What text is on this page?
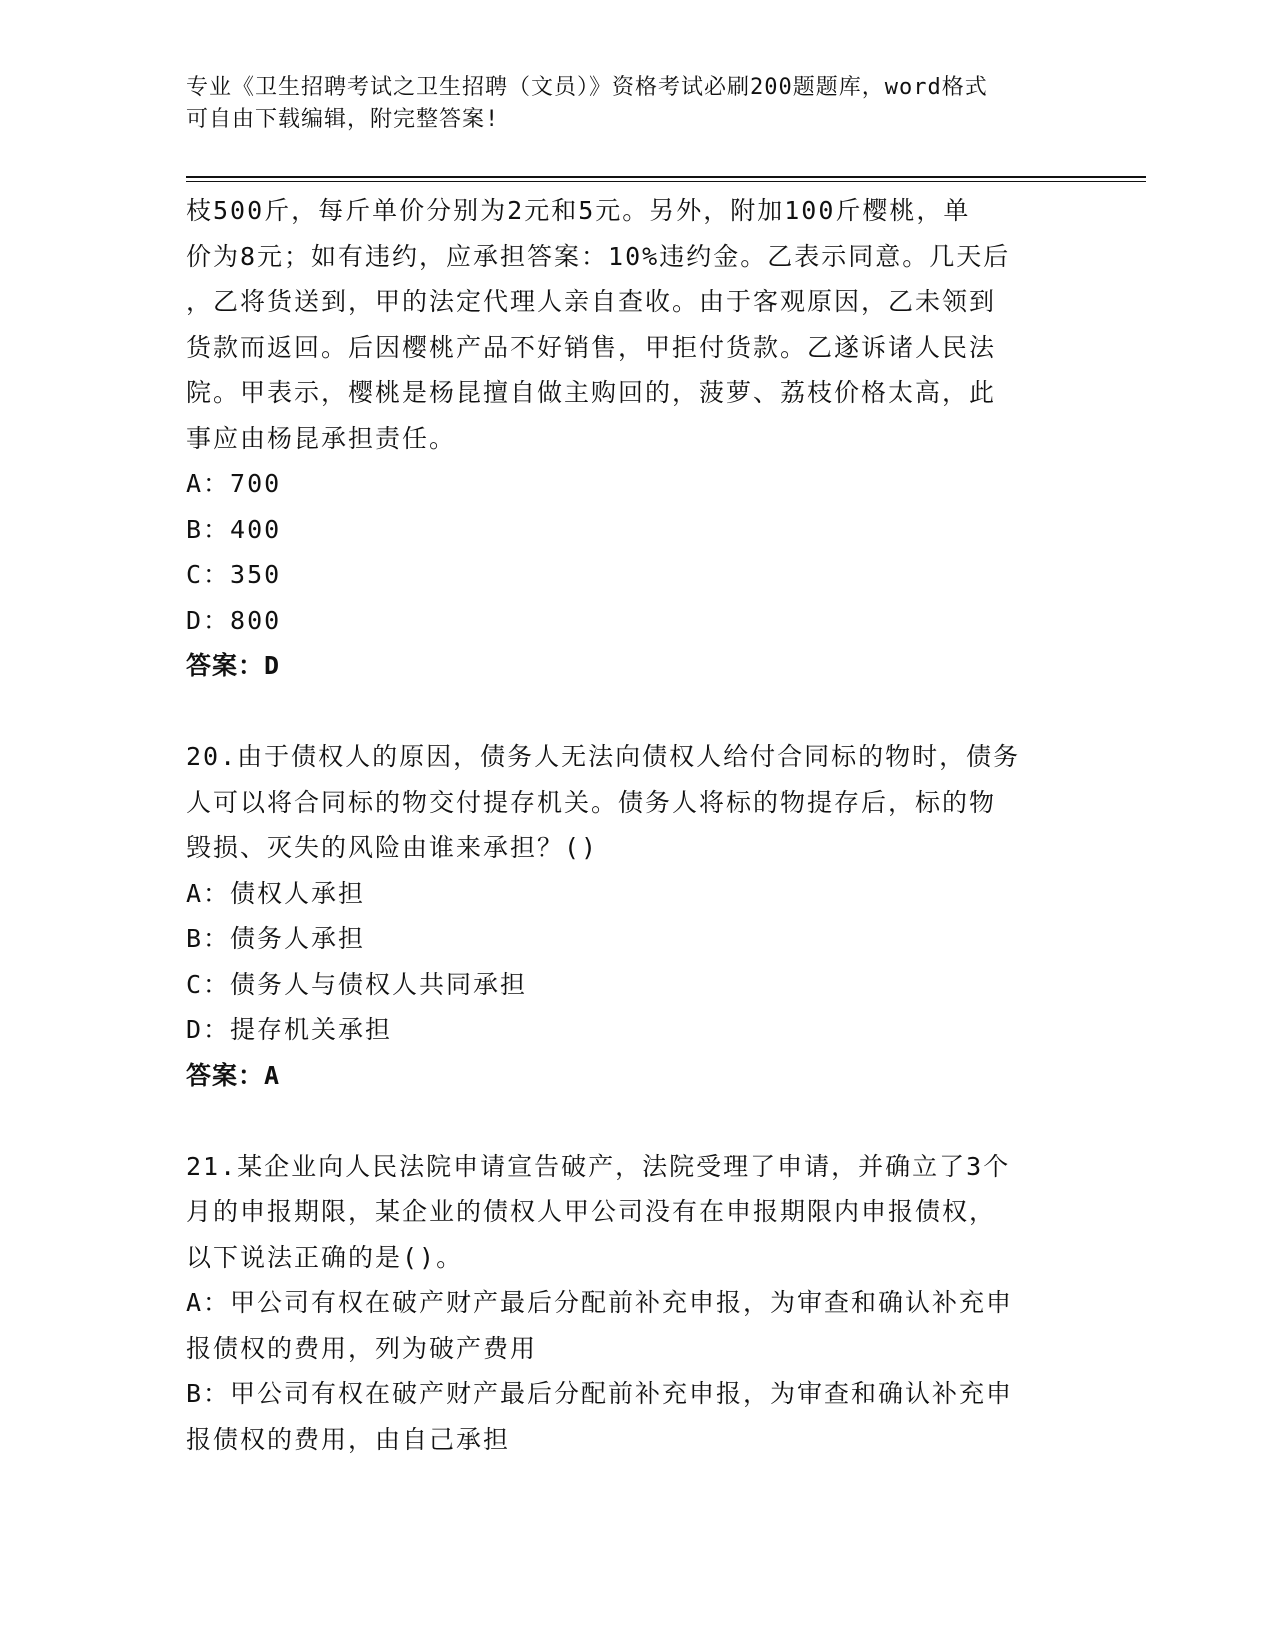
专业《卫生招聘考试之卫生招聘（文员）》资格考试必刷200题题库，word格式
可自由下载编辑，附完整答案!
枝500斤，每斤单价分别为2元和5元。另外，附加100斤樱桃，单
价为8元；如有违约，应承担答案：10%违约金。乙表示同意。几天后
，乙将货送到，甲的法定代理人亲自查收。由于客观原因，乙未领到
货款而返回。后因樱桃产品不好销售，甲拒付货款。乙遂诉诸人民法
院。甲表示，樱桃是杨昆擅自做主购回的，菠萝、荔枝价格太高，此
事应由杨昆承担责任。
A：700
B：400
C：350
D：800
答案：D
20.由于债权人的原因，债务人无法向债权人给付合同标的物时，债务
人可以将合同标的物交付提存机关。债务人将标的物提存后，标的物
毁损、灭失的风险由谁来承担？()
A：债权人承担
B：债务人承担
C：债务人与债权人共同承担
D：提存机关承担
答案：A
21.某企业向人民法院申请宣告破产，法院受理了申请，并确立了3个
月的申报期限，某企业的债权人甲公司没有在申报期限内申报债权，
以下说法正确的是()。
A：甲公司有权在破产财产最后分配前补充申报，为审查和确认补充申
报债权的费用，列为破产费用
B：甲公司有权在破产财产最后分配前补充申报，为审查和确认补充申
报债权的费用，由自己承担
